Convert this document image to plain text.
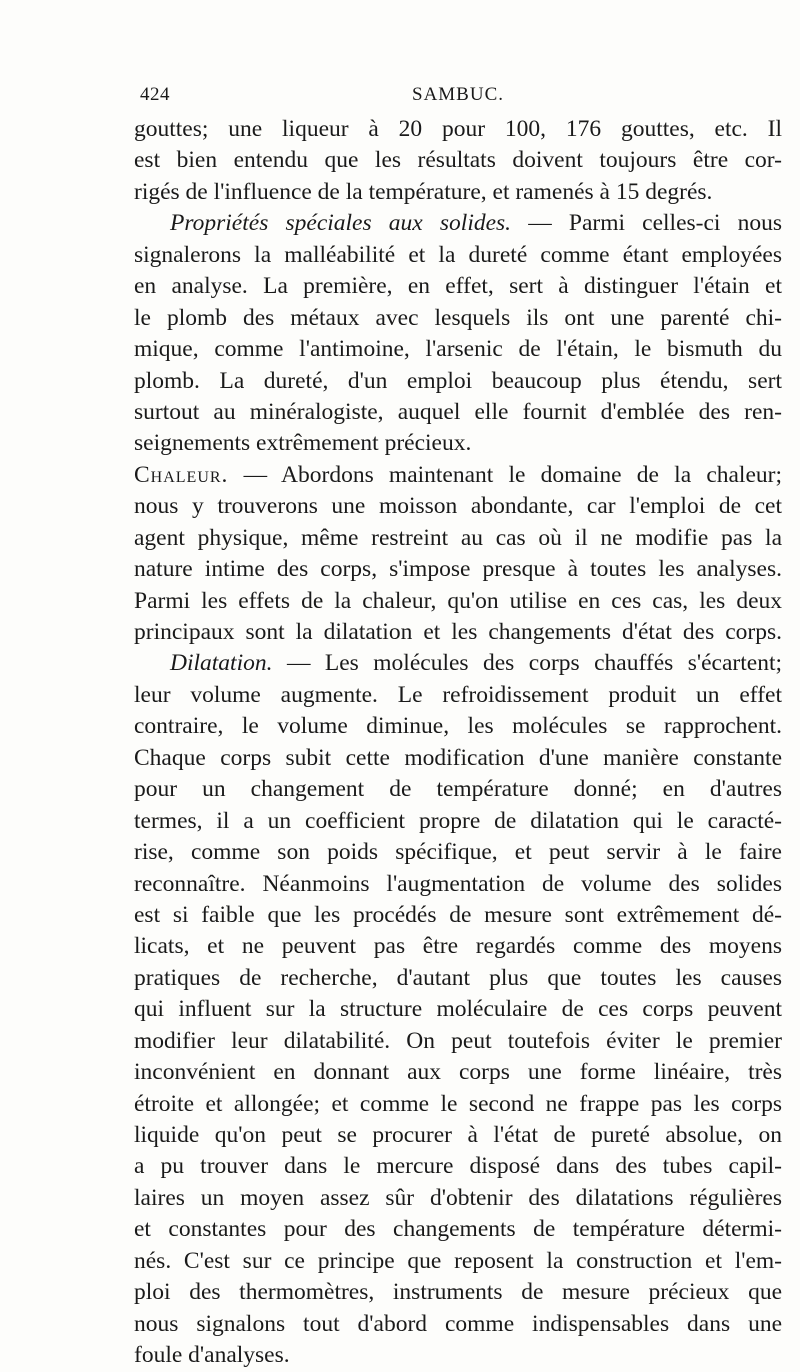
424	SAMBUC.
gouttes; une liqueur à 20 pour 100, 176 gouttes, etc. Il
est bien entendu que les résultats doivent toujours être cor-
rigés de l'influence de la température, et ramenés à 15 degrés.
Propriétés spéciales aux solides. — Parmi celles-ci nous
signalerons la malléabilité et la dureté comme étant employées
en analyse. La première, en effet, sert à distinguer l'étain et
le plomb des métaux avec lesquels ils ont une parenté chi-
mique, comme l'antimoine, l'arsenic de l'étain, le bismuth du
plomb. La dureté, d'un emploi beaucoup plus étendu, sert
surtout au minéralogiste, auquel elle fournit d'emblée des ren-
seignements extrêmement précieux.
Chaleur. — Abordons maintenant le domaine de la chaleur;
nous y trouverons une moisson abondante, car l'emploi de cet
agent physique, même restreint au cas où il ne modifie pas la
nature intime des corps, s'impose presque à toutes les analyses.
Parmi les effets de la chaleur, qu'on utilise en ces cas, les deux
principaux sont la dilatation et les changements d'état des corps.
Dilatation. — Les molécules des corps chauffés s'écartent;
leur volume augmente. Le refroidissement produit un effet
contraire, le volume diminue, les molécules se rapprochent.
Chaque corps subit cette modification d'une manière constante
pour un changement de température donné; en d'autres
termes, il a un coefficient propre de dilatation qui le caracté-
rise, comme son poids spécifique, et peut servir à le faire
reconnaître. Néanmoins l'augmentation de volume des solides
est si faible que les procédés de mesure sont extrêmement dé-
licats, et ne peuvent pas être regardés comme des moyens
pratiques de recherche, d'autant plus que toutes les causes
qui influent sur la structure moléculaire de ces corps peuvent
modifier leur dilatabilité. On peut toutefois éviter le premier
inconvénient en donnant aux corps une forme linéaire, très
étroite et allongée; et comme le second ne frappe pas les corps
liquide qu'on peut se procurer à l'état de pureté absolue, on
a pu trouver dans le mercure disposé dans des tubes capil-
laires un moyen assez sûr d'obtenir des dilatations régulières
et constantes pour des changements de température détermi-
nés. C'est sur ce principe que reposent la construction et l'em-
ploi des thermomètres, instruments de mesure précieux que
nous signalons tout d'abord comme indispensables dans une
foule d'analyses.
